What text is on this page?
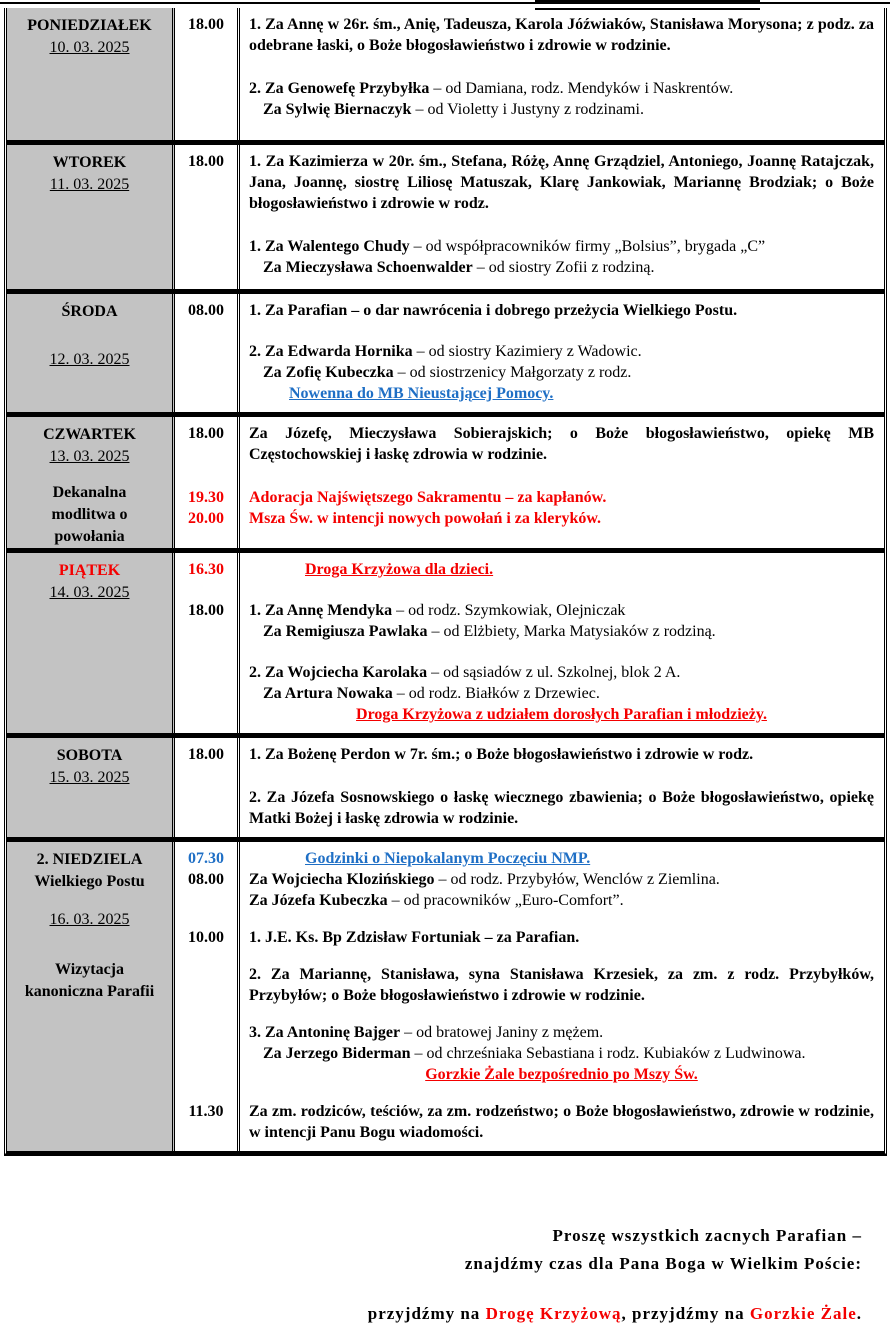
PONIEDZIAŁEK
10. 03. 2025
18.00	1. Za Annę w 26r. śm., Anię, Tadeusza, Karola Jóźwiaków, Stanisława Morysona; z podz. za odebrane łaski, o Boże błogosławieństwo i zdrowie w rodzinie.
2. Za Genowefę Przybyłka – od Damiana, rodz. Mendyków i Naskrentów.
Za Sylwię Biernaczyk – od Violetty i Justyny z rodzinami.
WTOREK
11. 03. 2025
18.00	1. Za Kazimierza w 20r. śm., Stefana, Różę, Annę Grządziel, Antoniego, Joannę Ratajczak, Jana, Joannę, siostrę Liliosę Matuszak, Klarę Jankowiak, Mariannę Brodziak; o Boże błogosławieństwo i zdrowie w rodz.
1. Za Walentego Chudy – od współpracowników firmy „Bolsius”, brygada „C”
Za Mieczysława Schoenwalder – od siostry Zofii z rodziną.
ŚRODA
12. 03. 2025
08.00	1. Za Parafian – o dar nawrócenia i dobrego przeżycia Wielkiego Postu.
2. Za Edwarda Hornika – od siostry Kazimiery z Wadowic.
Za Zofię Kubeczka – od siostrzenicy Małgorzaty z rodz.
Nowenna do MB Nieustającej Pomocy.
CZWARTEK
13. 03. 2025
Dekanalna
modlitwa o
powołania
18.00	Za Józefę, Mieczysława Sobierajskich; o Boże błogosławieństwo, opiekę MB Częstochowskiej i łaskę zdrowia w rodzinie.
19.30	Adoracja Najświętszego Sakramentu – za kapłanów.
20.00	Msza Św. w intencji nowych powołań i za kleryków.
PIĄTEK
14. 03. 2025
16.30	Droga Krzyżowa dla dzieci.
18.00	1. Za Annę Mendyka – od rodz. Szymkowiak, Olejniczak
Za Remigiusza Pawlaka – od Elżbiety, Marka Matysiaków z rodziną.
2. Za Wojciecha Karolaka – od sąsiadów z ul. Szkolnej, blok 2 A.
Za Artura Nowaka – od rodz. Białków z Drzewiec.
Droga Krzyżowa z udziałem dorosłych Parafian i młodzieży.
SOBOTA
15. 03. 2025
18.00	1. Za Bożenę Perdon w 7r. śm.; o Boże błogosławieństwo i zdrowie w rodz.
2. Za Józefa Sosnowskiego o łaskę wiecznego zbawienia; o Boże błogosławieństwo, opiekę Matki Bożej i łaskę zdrowia w rodzinie.
2. NIEDZIELA
Wielkiego Postu
16. 03. 2025
Wizytacja
kanoniczna Parafii
07.30	Godzinki o Niepokalanym Poczęciu NMP.
08.00	Za Wojciecha Klozińskiego – od rodz. Przybyłów, Wenclów z Ziemlina.
Za Józefa Kubeczka – od pracowników „Euro-Comfort”.
10.00	1. J.E. Ks. Bp Zdzisław Fortuniak – za Parafian.
2. Za Mariannę, Stanisława, syna Stanisława Krzesiek, za zm. z rodz. Przybyłków, Przybyłów; o Boże błogosławieństwo i zdrowie w rodzinie.
3. Za Antoninę Bajger – od bratowej Janiny z mężem.
Za Jerzego Biderman – od chrześniaka Sebastiana i rodz. Kubiaków z Ludwinowa.
Gorzkie Żale bezpośrednio po Mszy Św.
11.30	Za zm. rodziców, teściów, za zm. rodzeństwo; o Boże błogosławieństwo, zdrowie w rodzinie, w intencji Panu Bogu wiadomości.
Proszę wszystkich zacnych Parafian –
znajdźmy czas dla Pana Boga w Wielkim Poście:
przyjdźmy na Drogę Krzyżową, przyjdźmy na Gorzkie Żale.
